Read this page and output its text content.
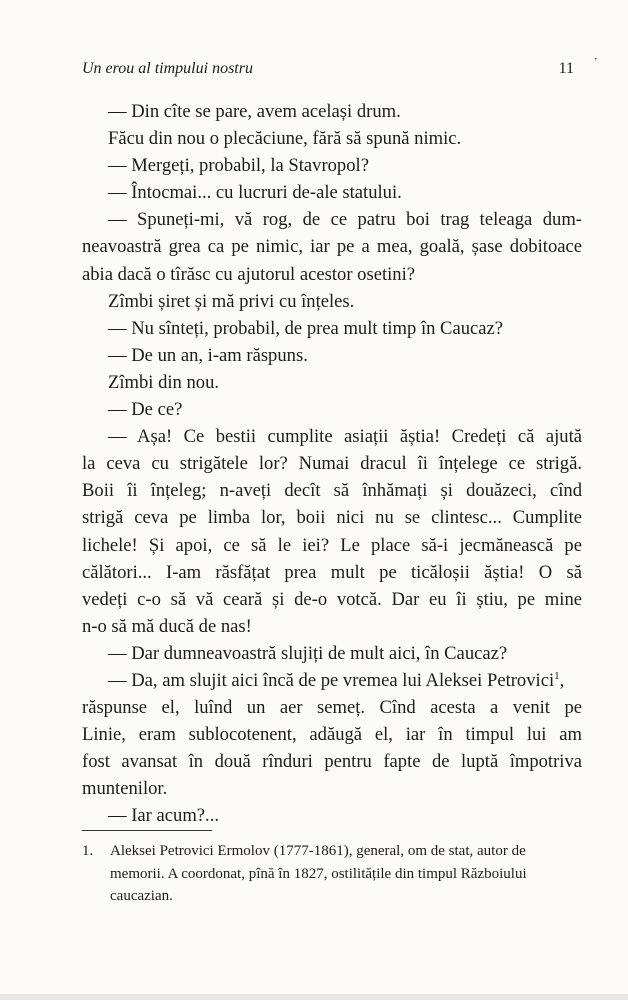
Un erou al timpului nostru	11 ˙
— Din cîte se pare, avem același drum.
Făcu din nou o plecăciune, fără să spună nimic.
— Mergeți, probabil, la Stavropol?
— Întocmai... cu lucruri de-ale statului.
— Spuneți-mi, vă rog, de ce patru boi trag teleaga dum-
neavoastră grea ca pe nimic, iar pe a mea, goală, șase dobitoace
abia dacă o tîrăsc cu ajutorul acestor osetini?
Zîmbi șiret și mă privi cu înțeles.
— Nu sînteți, probabil, de prea mult timp în Caucaz?
— De un an, i-am răspuns.
Zîmbi din nou.
— De ce?
— Așa! Ce bestii cumplite asiații ăștia! Credeți că ajută
la ceva cu strigătele lor? Numai dracul îi înțelege ce strigă.
Boii îi înțeleg; n-aveți decît să înhămați și douăzeci, cînd
strigă ceva pe limba lor, boii nici nu se clintesc... Cumplite
lichele! Și apoi, ce să le iei? Le place să-i jecmănească pe
călători... I-am răsfățat prea mult pe ticăloșii ăștia! O să
vedeți c-o să vă ceară și de-o votcă. Dar eu îi știu, pe mine
n-o să mă ducă de nas!
— Dar dumneavoastră slujiți de mult aici, în Caucaz?
— Da, am slujit aici încă de pe vremea lui Aleksei Petrovici$^1$,
răspunse el, luînd un aer semeț. Cînd acesta a venit pe
Linie, eram sublocotenent, adăugă el, iar în timpul lui am
fost avansat în două rînduri pentru fapte de luptă împotriva
muntenilor.
— Iar acum?...
1. Aleksei Petrovici Ermolov (1777-1861), general, om de stat, autor de memorii. A coordonat, pînă în 1827, ostilitățile din timpul Războiului caucazian.
